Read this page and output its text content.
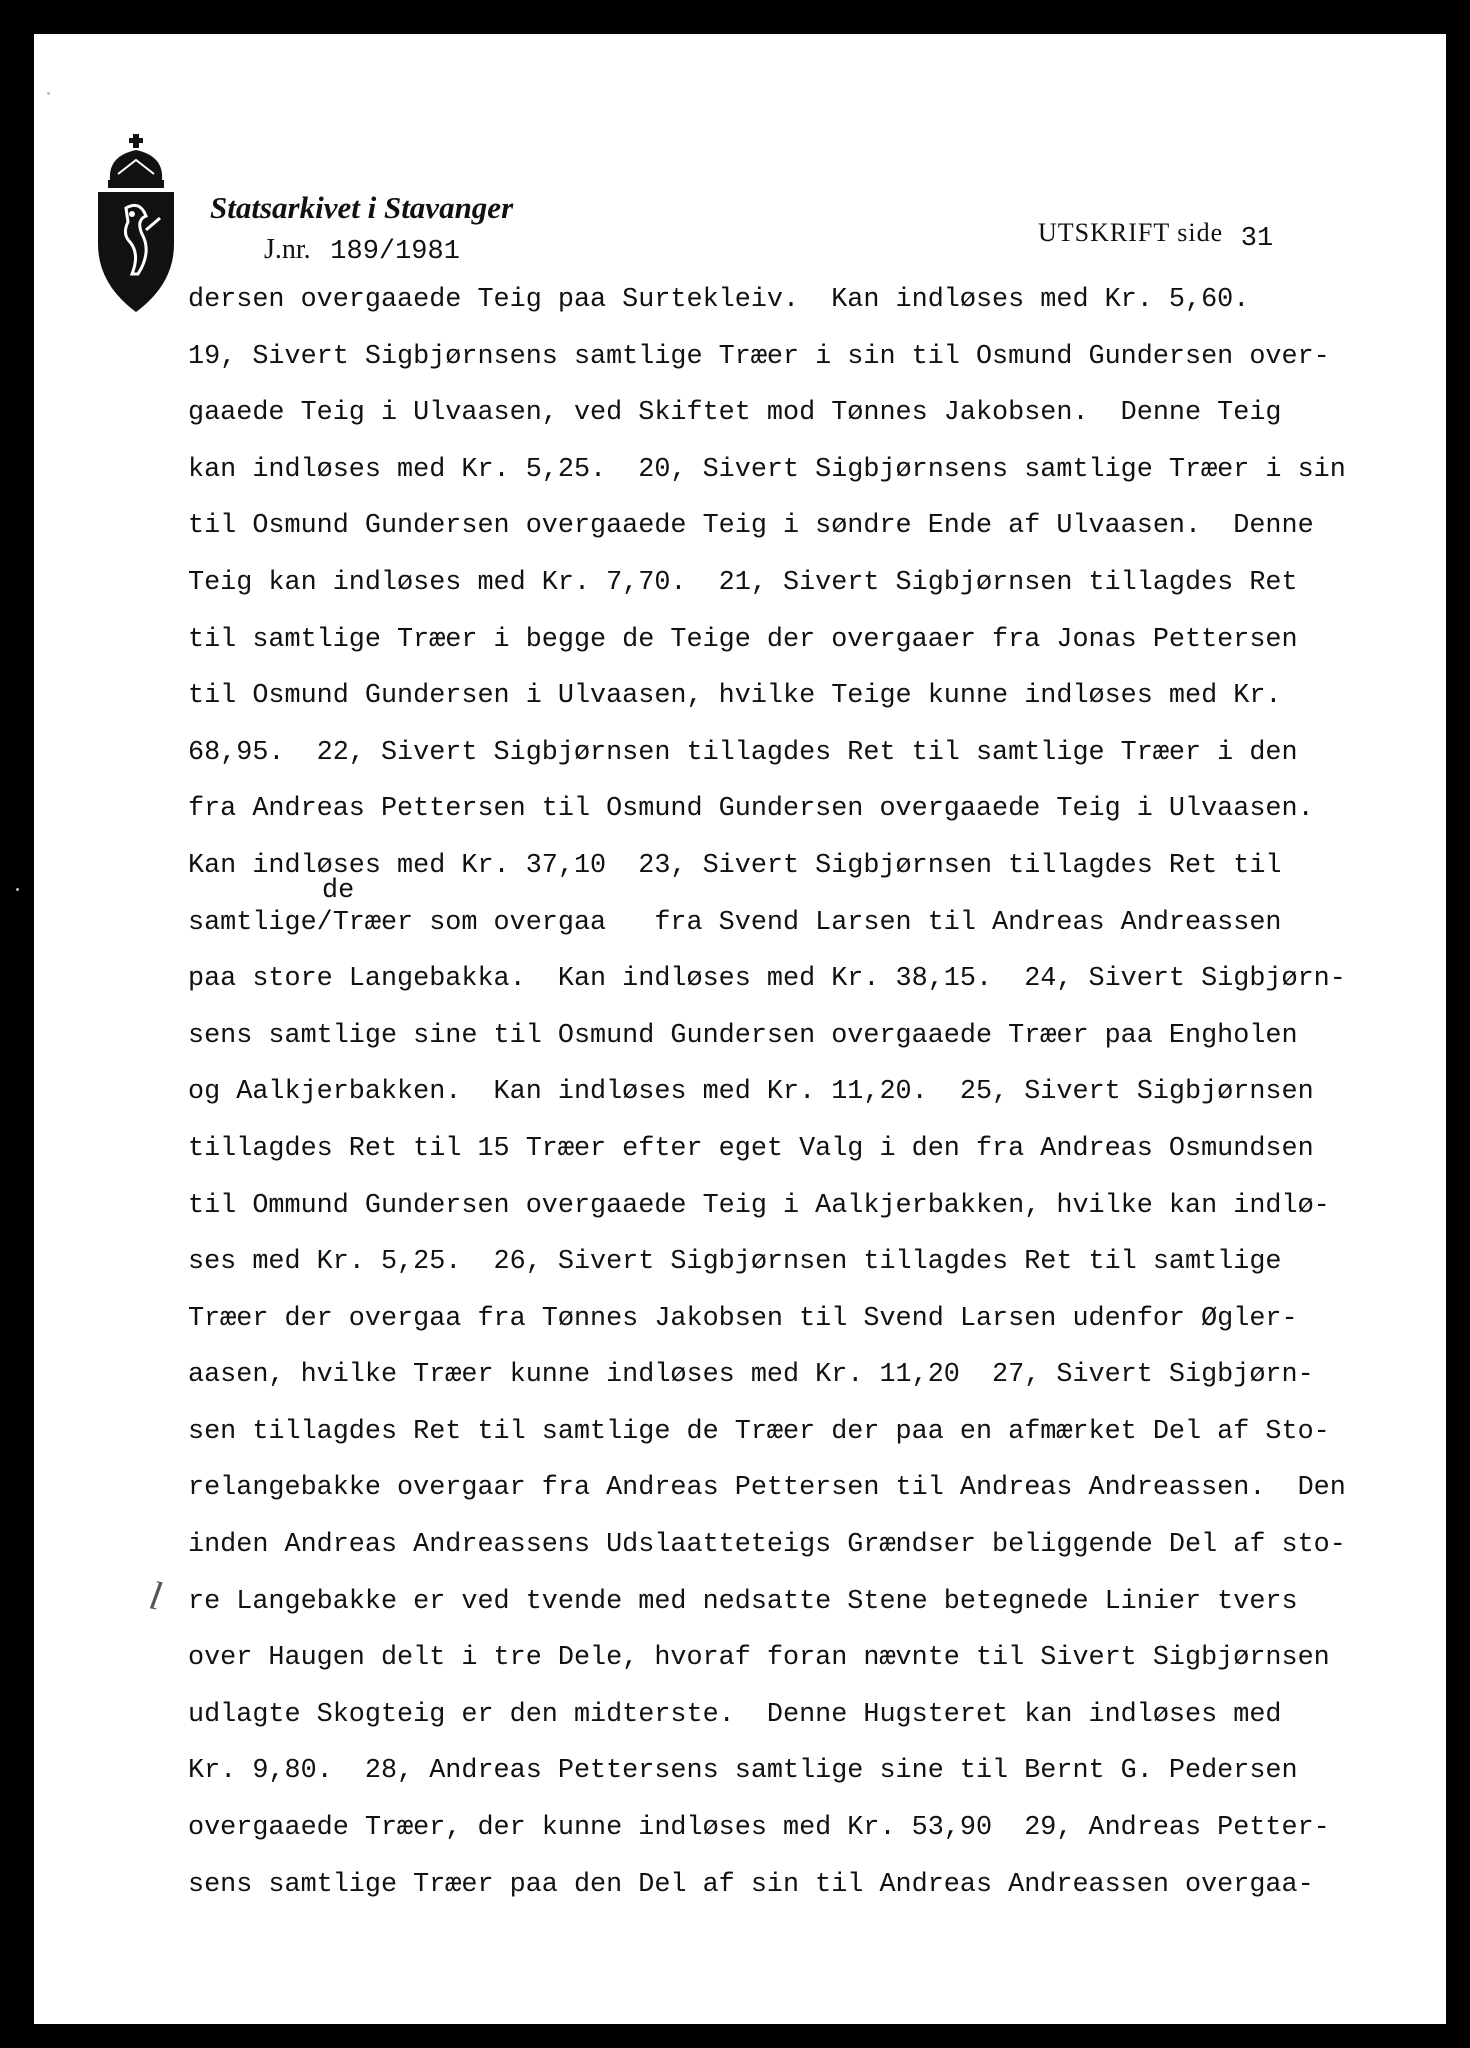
Statsarkivet i Stavanger
J.nr. 189/1981
UTSKRIFT side 31
de
l
dersen overgaaede Teig paa Surtekleiv.  Kan indløses med Kr. 5,60.
19, Sivert Sigbjørnsens samtlige Træer i sin til Osmund Gundersen over-
gaaede Teig i Ulvaasen, ved Skiftet mod Tønnes Jakobsen.  Denne Teig
kan indløses med Kr. 5,25.  20, Sivert Sigbjørnsens samtlige Træer i sin
til Osmund Gundersen overgaaede Teig i søndre Ende af Ulvaasen.  Denne
Teig kan indløses med Kr. 7,70.  21, Sivert Sigbjørnsen tillagdes Ret
til samtlige Træer i begge de Teige der overgaaer fra Jonas Pettersen
til Osmund Gundersen i Ulvaasen, hvilke Teige kunne indløses med Kr.
68,95.  22, Sivert Sigbjørnsen tillagdes Ret til samtlige Træer i den
fra Andreas Pettersen til Osmund Gundersen overgaaede Teig i Ulvaasen.
Kan indløses med Kr. 37,10  23, Sivert Sigbjørnsen tillagdes Ret til
samtlige/Træer som overgaa   fra Svend Larsen til Andreas Andreassen
paa store Langebakka.  Kan indløses med Kr. 38,15.  24, Sivert Sigbjørn-
sens samtlige sine til Osmund Gundersen overgaaede Træer paa Engholen
og Aalkjerbakken.  Kan indløses med Kr. 11,20.  25, Sivert Sigbjørnsen
tillagdes Ret til 15 Træer efter eget Valg i den fra Andreas Osmundsen
til Ommund Gundersen overgaaede Teig i Aalkjerbakken, hvilke kan indlø-
ses med Kr. 5,25.  26, Sivert Sigbjørnsen tillagdes Ret til samtlige
Træer der overgaa fra Tønnes Jakobsen til Svend Larsen udenfor Øgler-
aasen, hvilke Træer kunne indløses med Kr. 11,20  27, Sivert Sigbjørn-
sen tillagdes Ret til samtlige de Træer der paa en afmærket Del af Sto-
relangebakke overgaar fra Andreas Pettersen til Andreas Andreassen.  Den
inden Andreas Andreassens Udslaatteteigs Grændser beliggende Del af sto-
re Langebakke er ved tvende med nedsatte Stene betegnede Linier tvers
over Haugen delt i tre Dele, hvoraf foran nævnte til Sivert Sigbjørnsen
udlagte Skogteig er den midterste.  Denne Hugsteret kan indløses med
Kr. 9,80.  28, Andreas Pettersens samtlige sine til Bernt G. Pedersen
overgaaede Træer, der kunne indløses med Kr. 53,90  29, Andreas Petter-
sens samtlige Træer paa den Del af sin til Andreas Andreassen overgaa-
